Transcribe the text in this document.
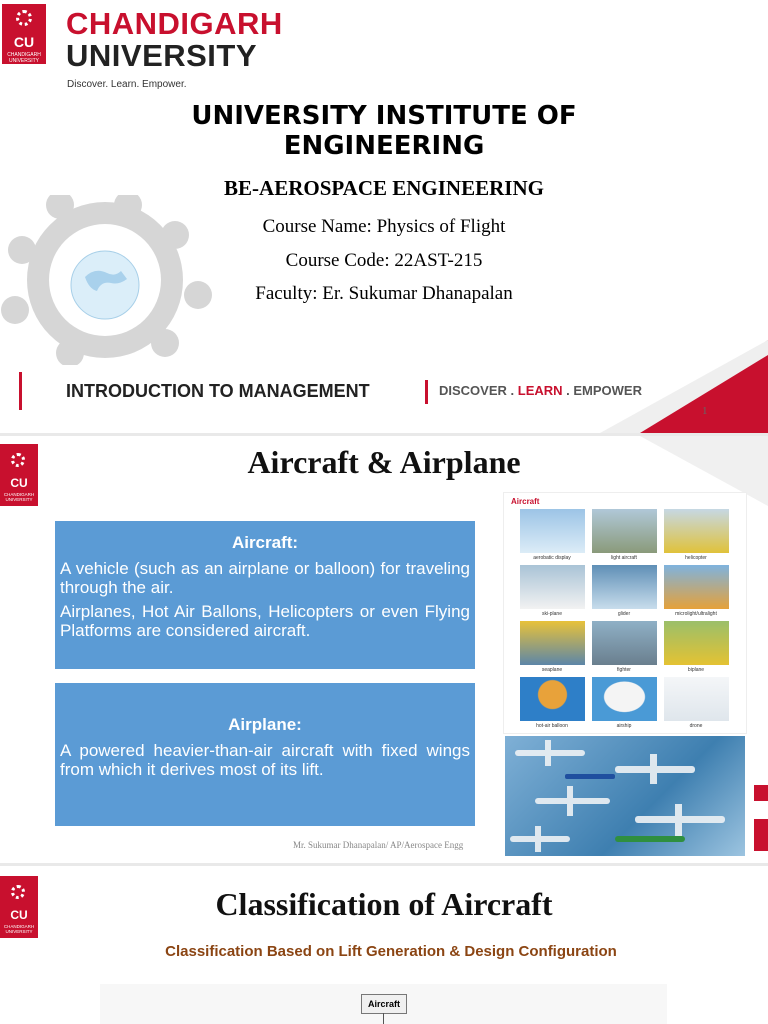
CU
CHANDIGARH UNIVERSITY
CHANDIGARH
UNIVERSITY
Discover. Learn. Empower.
UNIVERSITY INSTITUTE OF
ENGINEERING
BE-AEROSPACE ENGINEERING
Course Name: Physics of Flight
Course Code: 22AST-215
Faculty: Er. Sukumar Dhanapalan
INTRODUCTION TO MANAGEMENT	DISCOVER . LEARN . EMPOWER
1
CU
CHANDIGARH UNIVERSITY
Aircraft & Airplane
Aircraft:

A vehicle (such as an airplane or balloon) for traveling through the air.

Airplanes, Hot Air Ballons, Helicopters or even Flying Platforms are considered aircraft.

Airplane:

A powered heavier-than-air aircraft with fixed wings from which it derives most of its lift.

Mr. Sukumar Dhanapalan/ AP/Aerospace Engg
Aircraft
aerobatic display	light aircraft	helicopter
ski-plane	glider	microlight/ultralight
seaplane	fighter	biplane
hot-air balloon	airship	drone
CU
CHANDIGARH UNIVERSITY
Classification of Aircraft
Classification Based on Lift Generation & Design Configuration
Aircraft
